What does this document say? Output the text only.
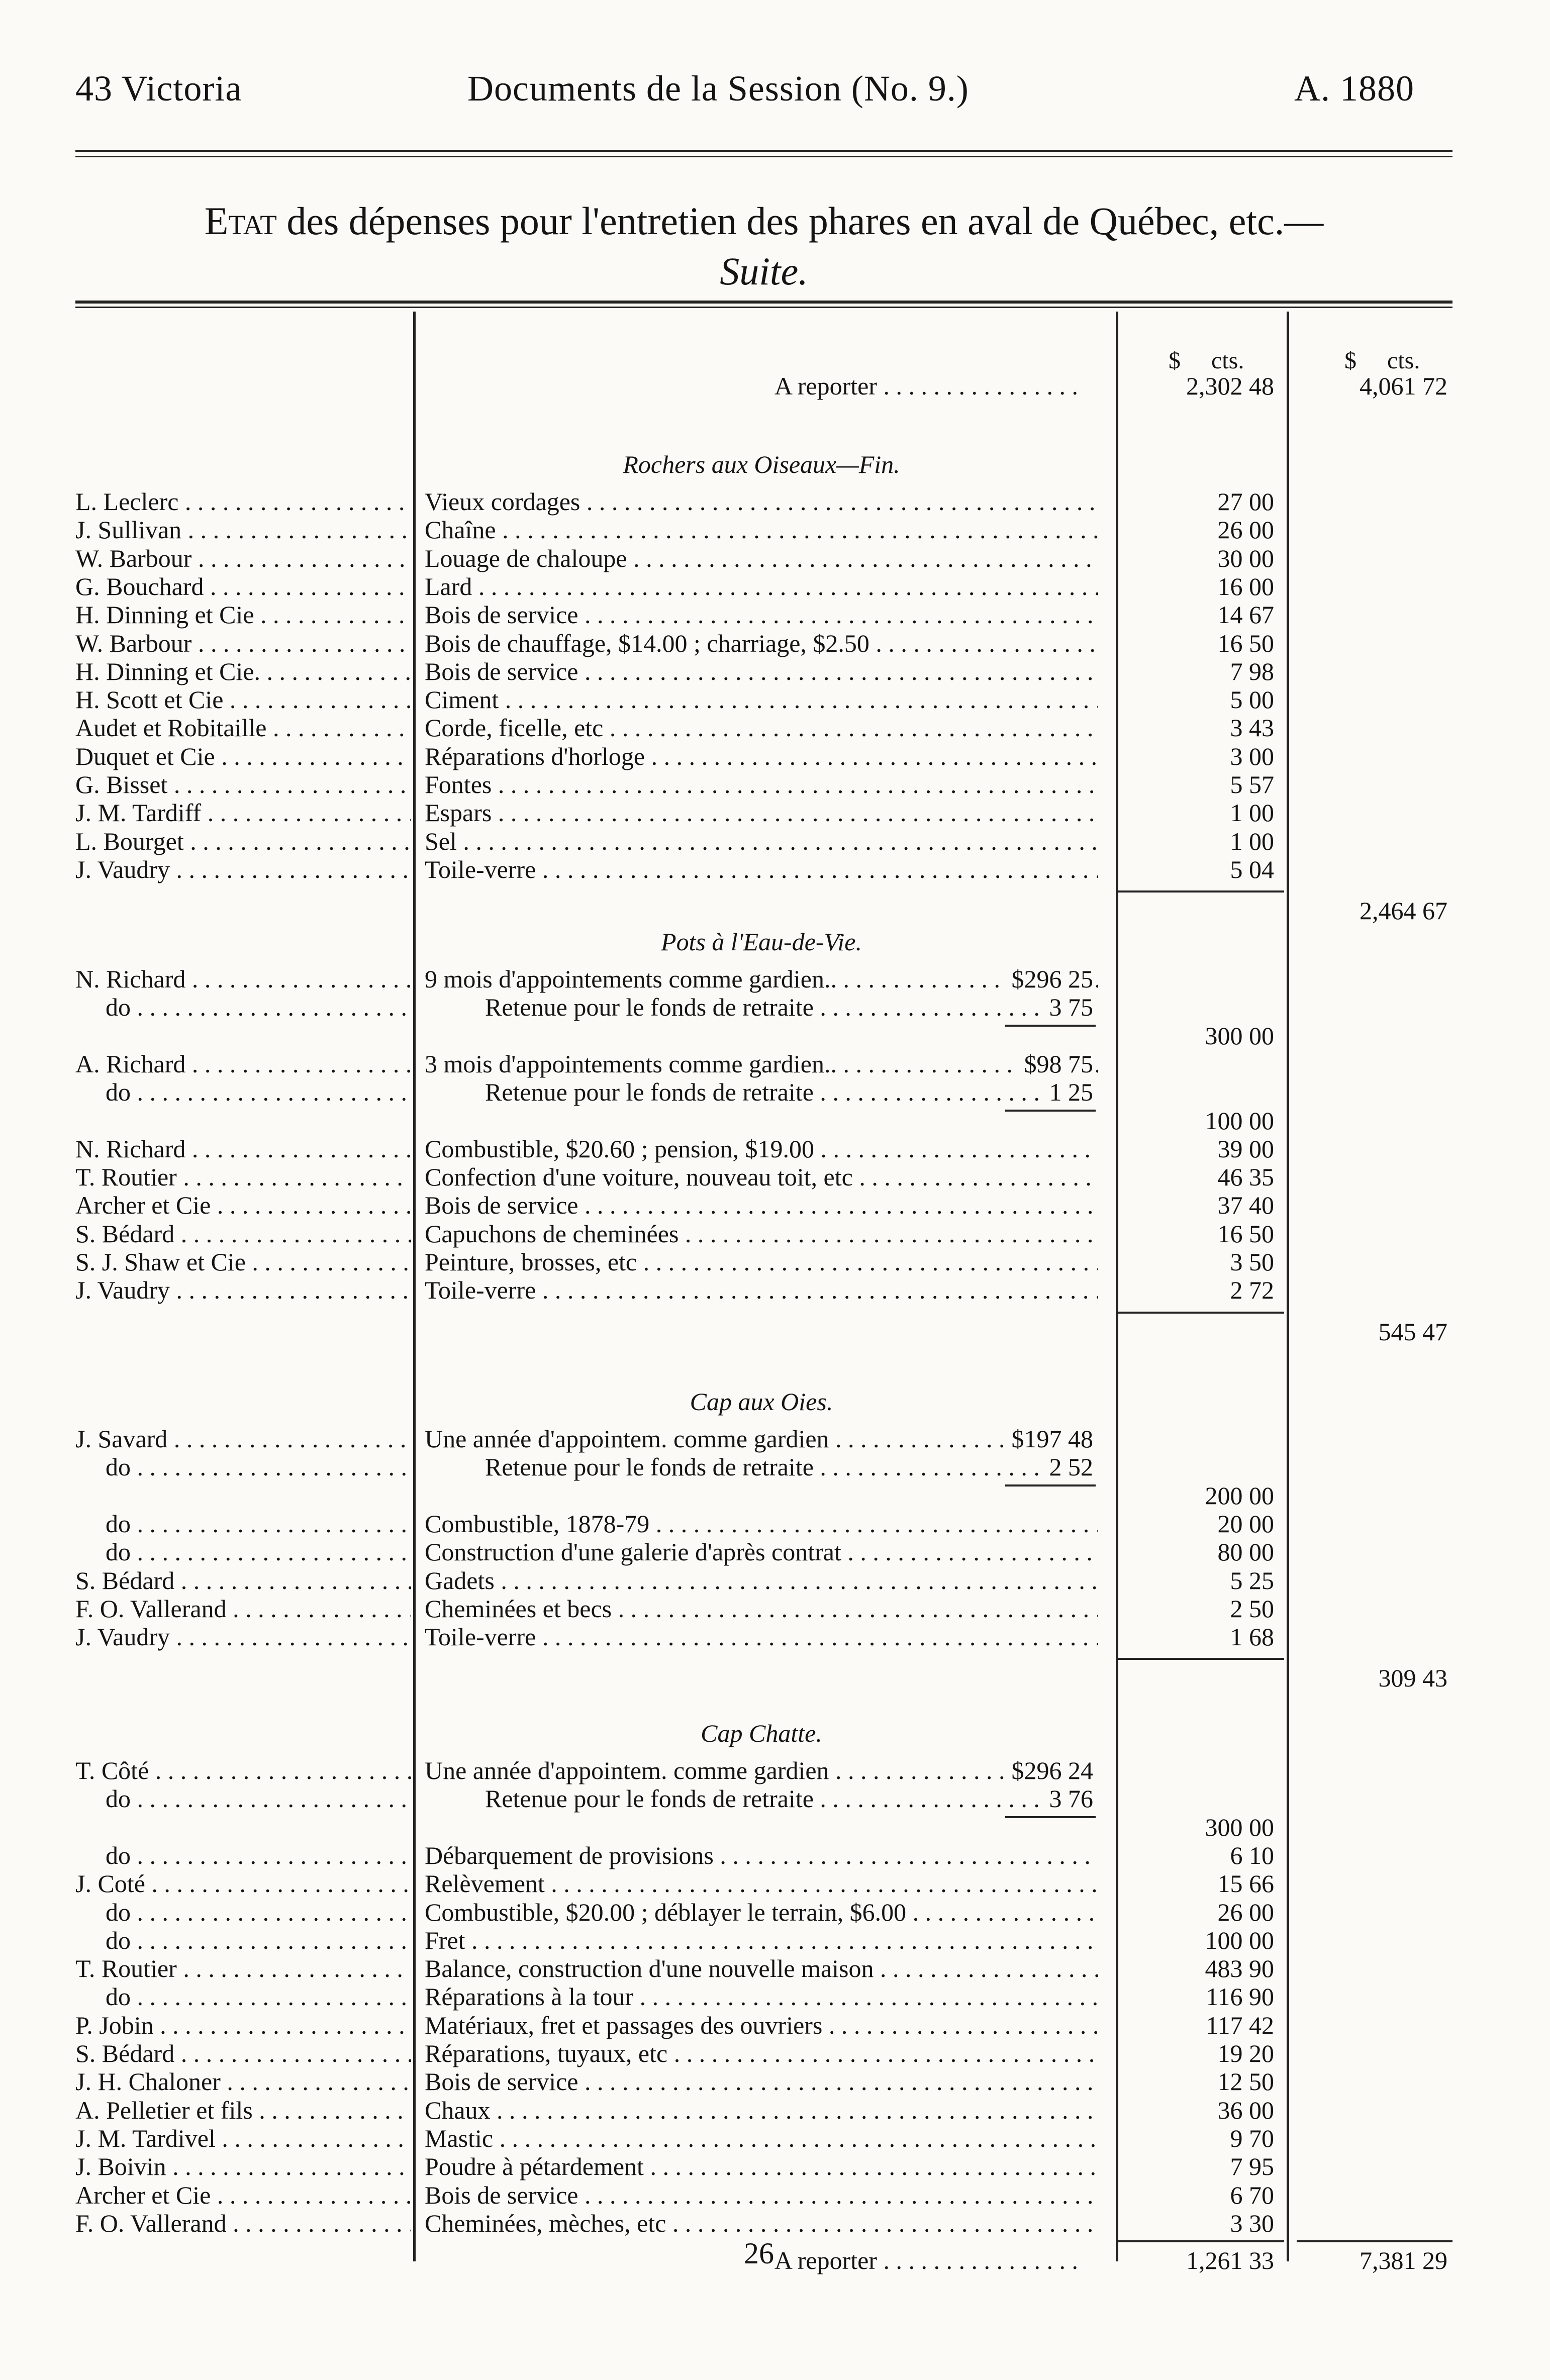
43 Victoria	Documents de la Session (No. 9.)	A. 1880
Etat des dépenses pour l'entretien des phares en aval de Québec, etc.—
Suite.
$ cts.	$ cts.
A reporter . . . . . . . . . . . . . . . .	2,302 48	4,061 72
Rochers aux Oiseaux—Fin.
L. Leclerc . . .	Vieux cordages . . .	27 00
J. Sullivan . . .	Chaîne . . .	26 00
W. Barbour . . .	Louage de chaloupe . . .	30 00
G. Bouchard . . .	Lard . . .	16 00
H. Dinning et Cie . . .	Bois de service . . .	14 67
W. Barbour . . .	Bois de chauffage, $14.00 ; charriage, $2.50 . . .	16 50
H. Dinning et Cie. . . .	Bois de service . . .	7 98
H. Scott et Cie . . .	Ciment . . .	5 00
Audet et Robitaille . . .	Corde, ficelle, etc . . .	3 43
Duquet et Cie . . .	Réparations d'horloge . . .	3 00
G. Bisset . . .	Fontes . . .	5 57
J. M. Tardiff . . .	Espars . . .	1 00
L. Bourget . . .	Sel . . .	1 00
J. Vaudry . . .	Toile-verre . . .	5 04
2,464 67
Pots à l'Eau-de-Vie.
N. Richard . . .	9 mois d'appointements comme gardien..	$296 25
. . .
do . . .	Retenue pour le fonds de retraite	3 75
. . .
300 00
A. Richard . . .	3 mois d'appointements comme gardien..	$98 75
. . .
do . . .	Retenue pour le fonds de retraite	1 25
. . .
100 00
N. Richard . . .	Combustible, $20.60 ; pension, $19.00 . . .	39 00
T. Routier . . .	Confection d'une voiture, nouveau toit, etc . . .	46 35
Archer et Cie . . .	Bois de service . . .	37 40
S. Bédard . . .	Capuchons de cheminées . . .	16 50
S. J. Shaw et Cie . . .	Peinture, brosses, etc . . .	3 50
J. Vaudry . . .	Toile-verre . . .	2 72
545 47
Cap aux Oies.
J. Savard . . .	Une année d'appointem. comme gardien	$197 48
. . .
do . . .	Retenue pour le fonds de retraite	2 52
. . .
200 00
do . . .	Combustible, 1878-79 . . .	20 00
do . . .	Construction d'une galerie d'après contrat . . .	80 00
S. Bédard . . .	Gadets . . .	5 25
F. O. Vallerand . . .	Cheminées et becs . . .	2 50
J. Vaudry . . .	Toile-verre . . .	1 68
309 43
Cap Chatte.
T. Côté . . .	Une année d'appointem. comme gardien	$296 24
. . .
do . . .	Retenue pour le fonds de retraite	3 76
. . .
300 00
do . . .	Débarquement de provisions . . .	6 10
J. Coté . . .	Relèvement . . .	15 66
do . . .	Combustible, $20.00 ; déblayer le terrain, $6.00 . . .	26 00
do . . .	Fret . . .	100 00
T. Routier . . .	Balance, construction d'une nouvelle maison . . .	483 90
do . . .	Réparations à la tour . . .	116 90
P. Jobin . . .	Matériaux, fret et passages des ouvriers . . .	117 42
S. Bédard . . .	Réparations, tuyaux, etc . . .	19 20
J. H. Chaloner . . .	Bois de service . . .	12 50
A. Pelletier et fils . . .	Chaux . . .	36 00
J. M. Tardivel . . .	Mastic . . .	9 70
J. Boivin . . .	Poudre à pétardement . . .	7 95
Archer et Cie . . .	Bois de service . . .	6 70
F. O. Vallerand . . .	Cheminées, mèches, etc . . .	3 30
A reporter . . . . . . . . . . . . . . . .	1,261 33	7,381 29
26
